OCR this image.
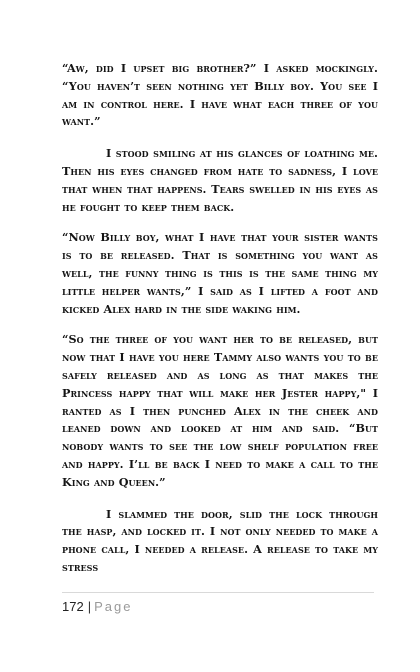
“Aw, did I upset big brother?” I asked mockingly. “You haven’t seen nothing yet Billy boy. You see I am in control here. I have what each three of you want.”

I stood smiling at his glances of loathing me. Then his eyes changed from hate to sadness, I love that when that happens. Tears swelled in his eyes as he fought to keep them back.

“Now Billy boy, what I have that your sister wants is to be released. That is something you want as well, the funny thing is this is the same thing my little helper wants,” I said as I lifted a foot and kicked Alex hard in the side waking him.

“So the three of you want her to be released, but now that I have you here Tammy also wants you to be safely released and as long as that makes the Princess happy that will make her Jester happy," I ranted as I then punched Alex in the cheek and leaned down and looked at him and said. “But nobody wants to see the low shelf population free and happy. I’ll be back I need to make a call to the King and Queen.”

I slammed the door, slid the lock through the hasp, and locked it. I not only needed to make a phone call, I needed a release. A release to take my stress

172 | Page
